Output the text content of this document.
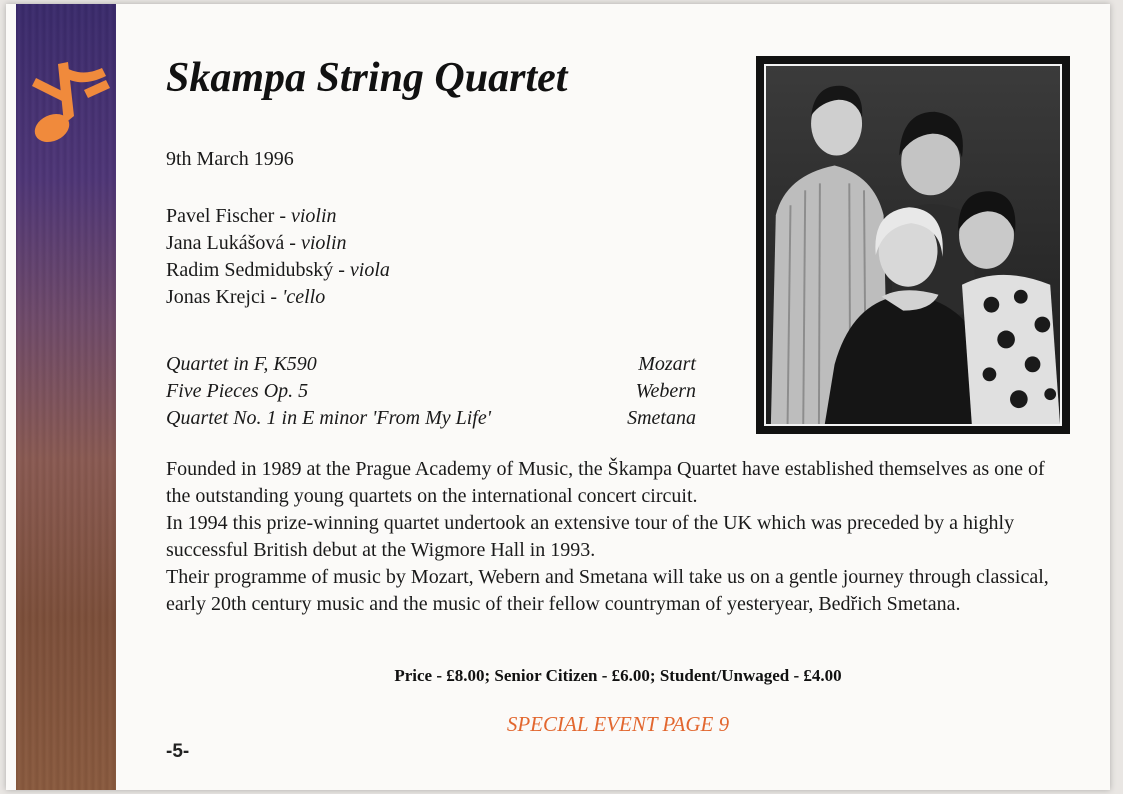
Skampa String Quartet
9th March 1996
Pavel Fischer - violin
Jana Lukášová - violin
Radim Sedmidubský - viola
Jonas Krejci - 'cello
Quartet in F, K590	Mozart
Five Pieces Op. 5	Webern
Quartet No. 1 in E minor 'From My Life'	Smetana

Founded in 1989 at the Prague Academy of Music, the Škampa Quartet have established themselves as one of the outstanding young quartets on the international concert circuit.

In 1994 this prize-winning quartet undertook an extensive tour of the UK which was preceded by a highly successful British debut at the Wigmore Hall in 1993.

Their programme of music by Mozart, Webern and Smetana will take us on a gentle journey through classical, early 20th century music and the music of their fellow countryman of yesteryear, Bedřich Smetana.

Price - £8.00; Senior Citizen - £6.00; Student/Unwaged - £4.00
SPECIAL EVENT PAGE 9
-5-
